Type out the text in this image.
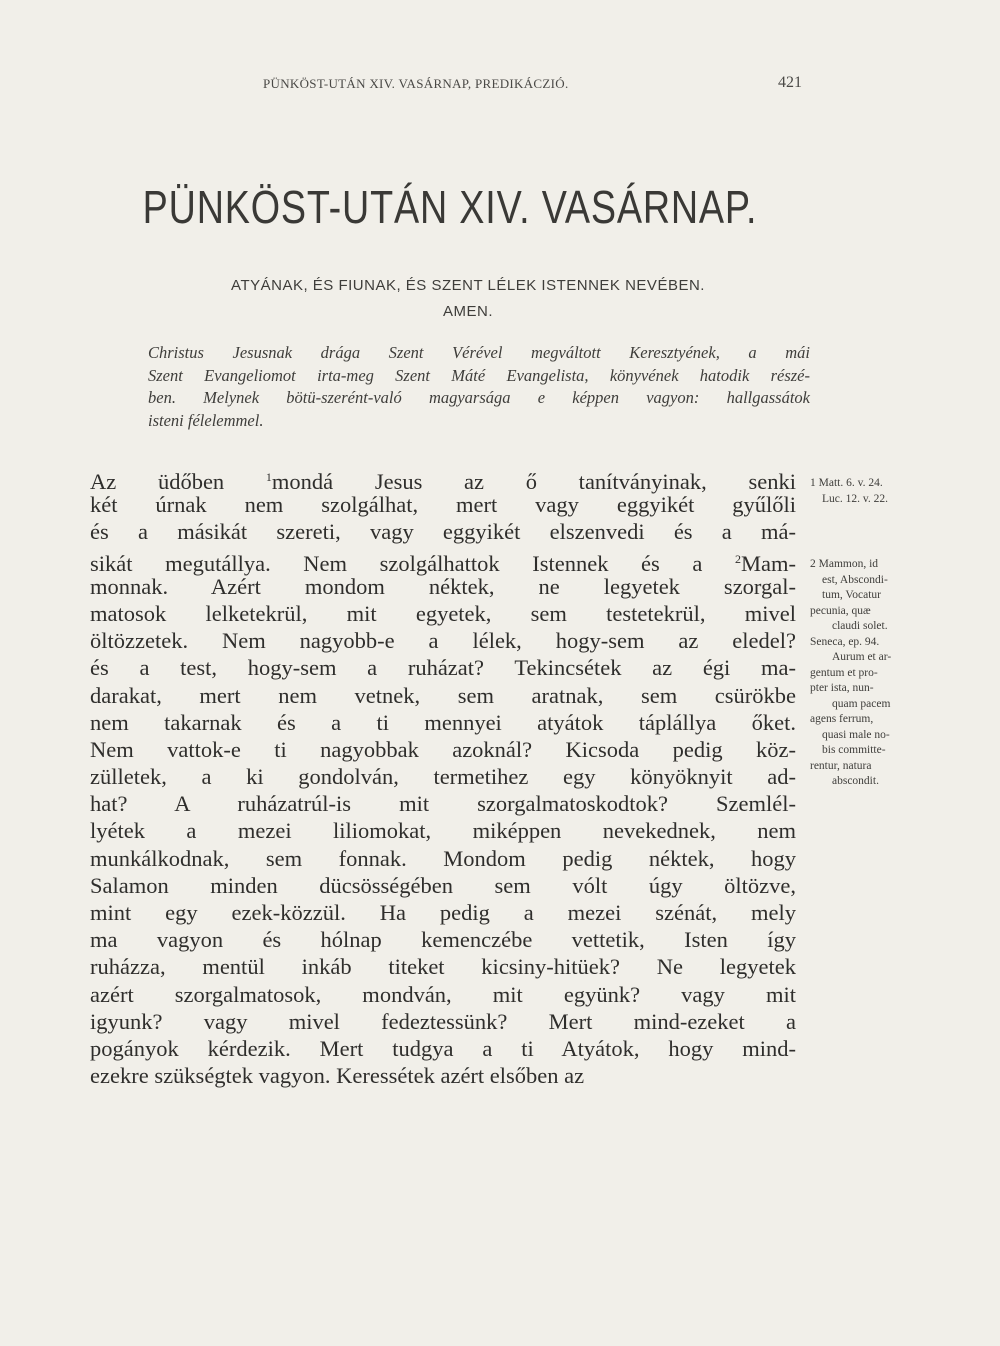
PÜNKÖST-UTÁN XIV. VASÁRNAP, PREDIKÁCZIÓ.	421
PÜNKÖST-UTÁN XIV. VASÁRNAP.
ATYÁNAK, ÉS FIUNAK, ÉS SZENT LÉLEK ISTENNEK NEVÉBEN.
AMEN.
Christus Jesusnak drága Szent Vérével megváltott Keresztyének, a mái
Szent Evangeliomot irta-meg Szent Máté Evangelista, könyvének hatodik részé-
ben. Melynek bötü-szerént-való magyarsága e képpen vagyon: hallgassátok
isteni félelemmel.
Az üdőben $^1$mondá Jesus az ő tanítványinak, senki
két úrnak nem szolgálhat, mert vagy eggyikét gyűlőli
és a másikát szereti, vagy eggyikét elszenvedi és a má-
sikát megutállya. Nem szolgálhattok Istennek és a $^2$Mam-
monnak. Azért mondom néktek, ne legyetek szorgal-
matosok lelketekrül, mit egyetek, sem testetekrül, mivel
öltözzetek. Nem nagyobb-e a lélek, hogy-sem az eledel?
és a test, hogy-sem a ruházat? Tekincsétek az égi ma-
darakat, mert nem vetnek, sem aratnak, sem csürökbe
nem takarnak és a ti mennyei atyátok táplállya őket.
Nem vattok-e ti nagyobbak azoknál? Kicsoda pedig köz-
zülletek, a ki gondolván, termetihez egy könyöknyit ad-
hat? A ruházatrúl-is mit szorgalmatoskodtok? Szemlél-
lyétek a mezei liliomokat, miképpen nevekednek, nem
munkálkodnak, sem fonnak. Mondom pedig néktek, hogy
Salamon minden dücsösségében sem vólt úgy öltözve,
mint egy ezek-közzül. Ha pedig a mezei szénát, mely
ma vagyon és hólnap kemenczébe vettetik, Isten így
ruházza, mentül inkáb titeket kicsiny-hitüek? Ne legyetek
azért szorgalmatosok, mondván, mit együnk? vagy mit
igyunk? vagy mivel fedeztessünk? Mert mind-ezeket a
pogányok kérdezik. Mert tudgya a ti Atyátok, hogy mind-
ezekre szükségtek vagyon. Keressétek azért elsőben az
1 Matt. 6. v. 24.
Luc. 12. v. 22.
2 Mammon, id
est, Abscondi-
tum, Vocatur
pecunia, quæ
claudi solet.
Seneca, ep. 94.
Aurum et ar-
gentum et pro-
pter ista, nun-
quam pacem
agens ferrum,
quasi male no-
bis committe-
rentur, natura
abscondit.
